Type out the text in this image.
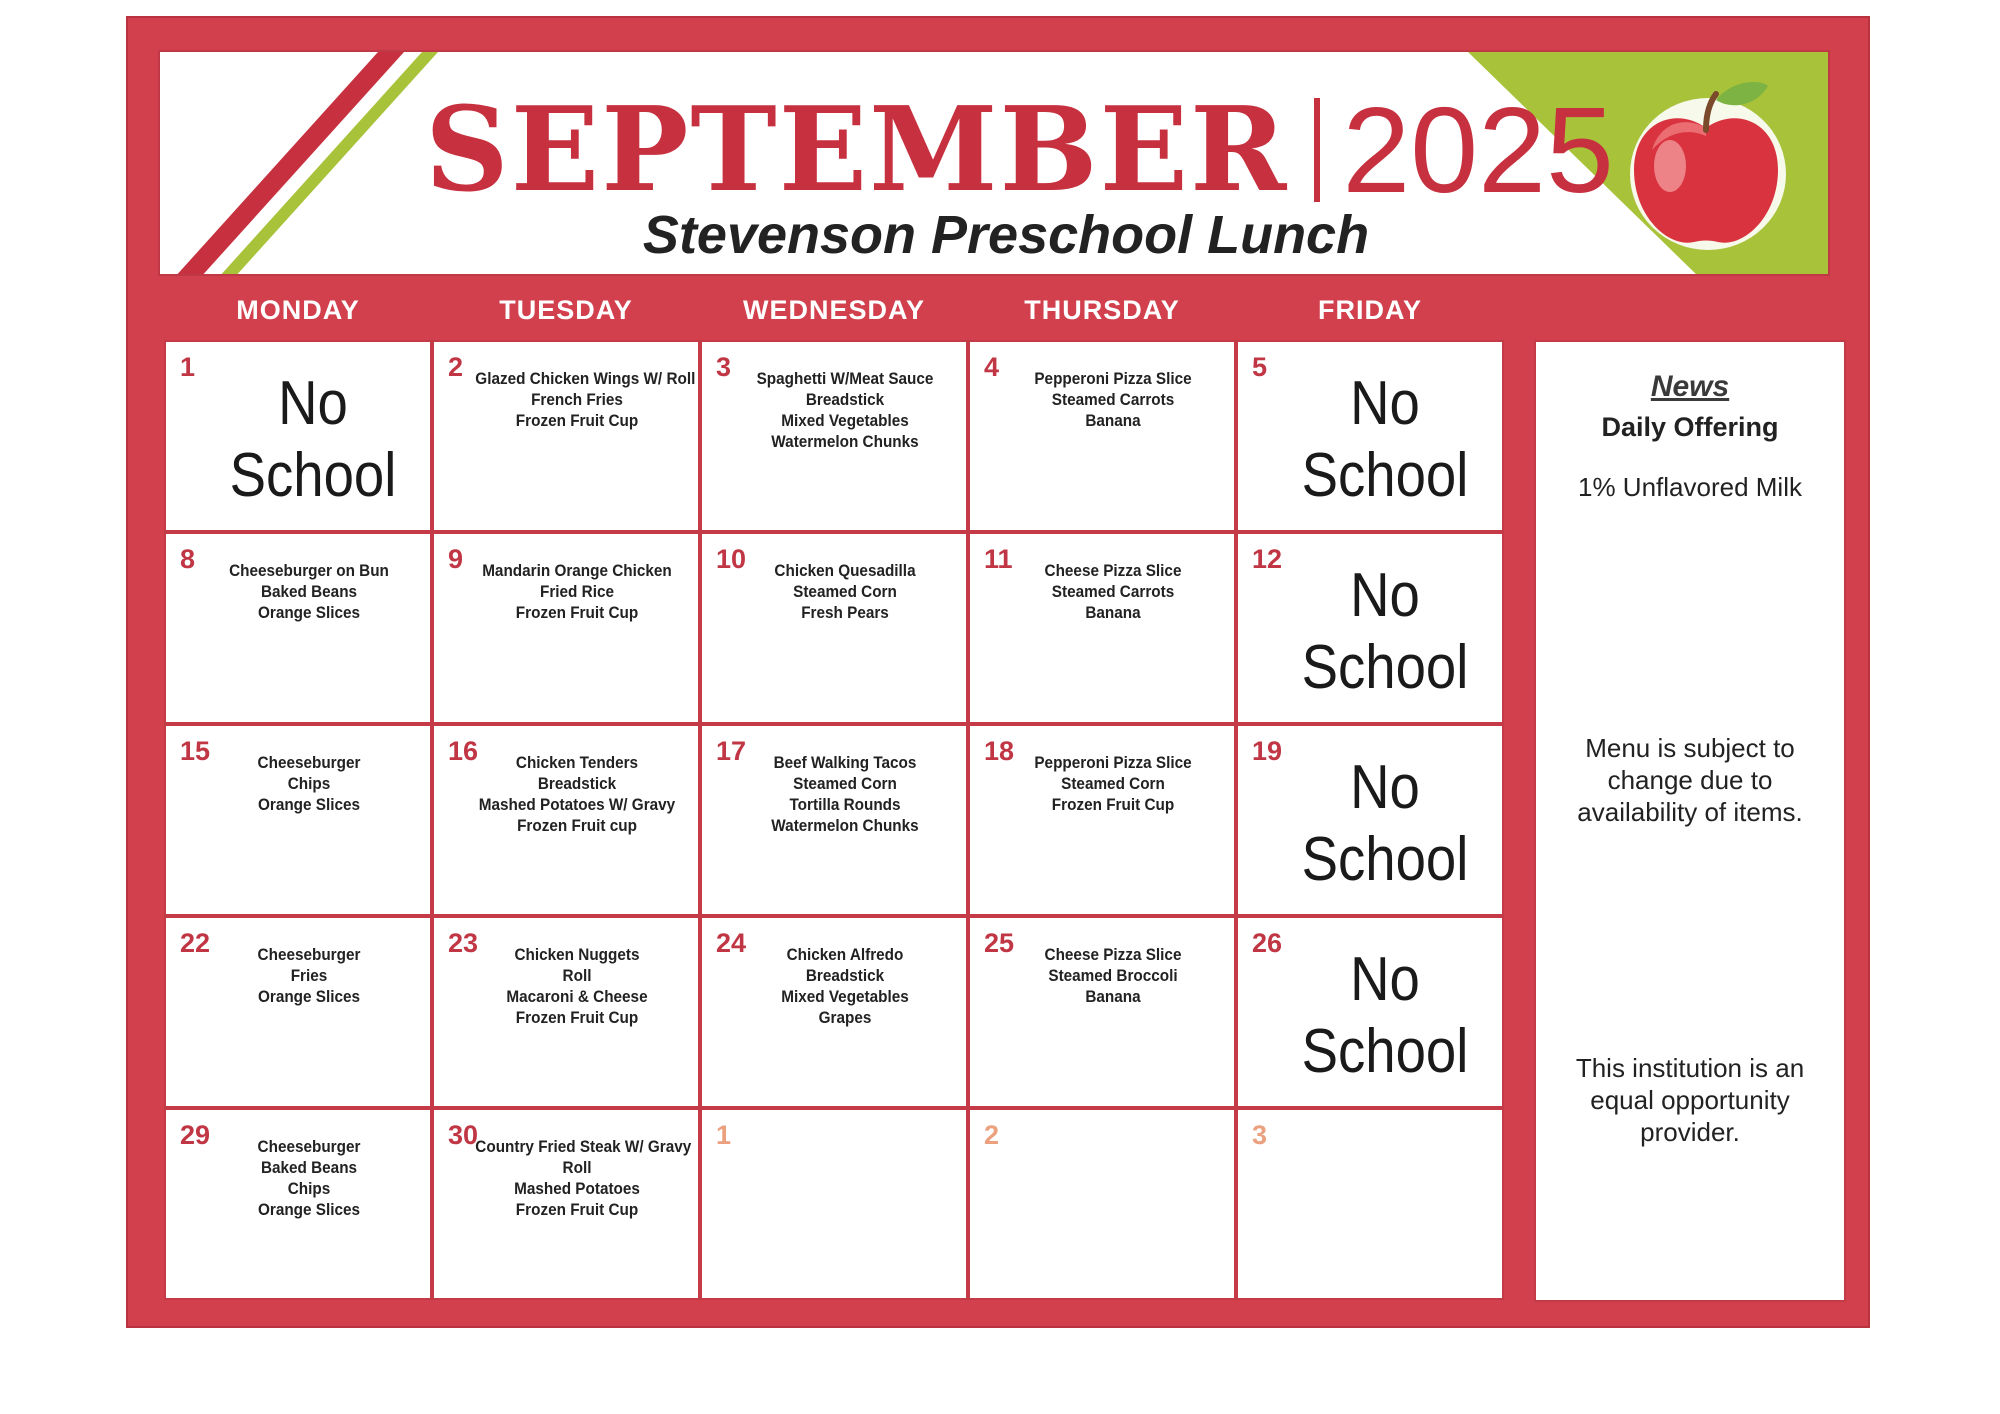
SEPTEMBER 2025
Stevenson Preschool Lunch
MONDAY	TUESDAY	WEDNESDAY	THURSDAY	FRIDAY
1
No
School
2 Glazed Chicken Wings W/ Roll
French Fries
Frozen Fruit Cup
3	Spaghetti W/Meat Sauce
Breadstick
Mixed Vegetables
Watermelon Chunks
4	Pepperoni Pizza Slice
Steamed Carrots
Banana
5
No
School
8	Cheeseburger on Bun
Baked Beans
Orange Slices
9	Mandarin Orange Chicken
Fried Rice
Frozen Fruit Cup
10	Chicken Quesadilla
Steamed Corn
Fresh Pears
11	Cheese Pizza Slice
Steamed Carrots
Banana
12
No
School
15	Cheeseburger
Chips
Orange Slices
16	Chicken Tenders
Breadstick
Mashed Potatoes W/ Gravy
Frozen Fruit cup
17	Beef Walking Tacos
Steamed Corn
Tortilla Rounds
Watermelon Chunks
18	Pepperoni Pizza Slice
Steamed Corn
Frozen Fruit Cup
19
No
School
22	Cheeseburger
Fries
Orange Slices
23	Chicken Nuggets
Roll
Macaroni & Cheese
Frozen Fruit Cup
24	Chicken Alfredo
Breadstick
Mixed Vegetables
Grapes
25	Cheese Pizza Slice
Steamed Broccoli
Banana
26
No
School
29	Cheeseburger
Baked Beans
Chips
Orange Slices
30
Country Fried Steak W/ Gravy
Roll
Mashed Potatoes
Frozen Fruit Cup
1	2	3
News
Daily Offering
1% Unflavored Milk
Menu is subject to change due to availability of items.
This institution is an equal opportunity provider.
